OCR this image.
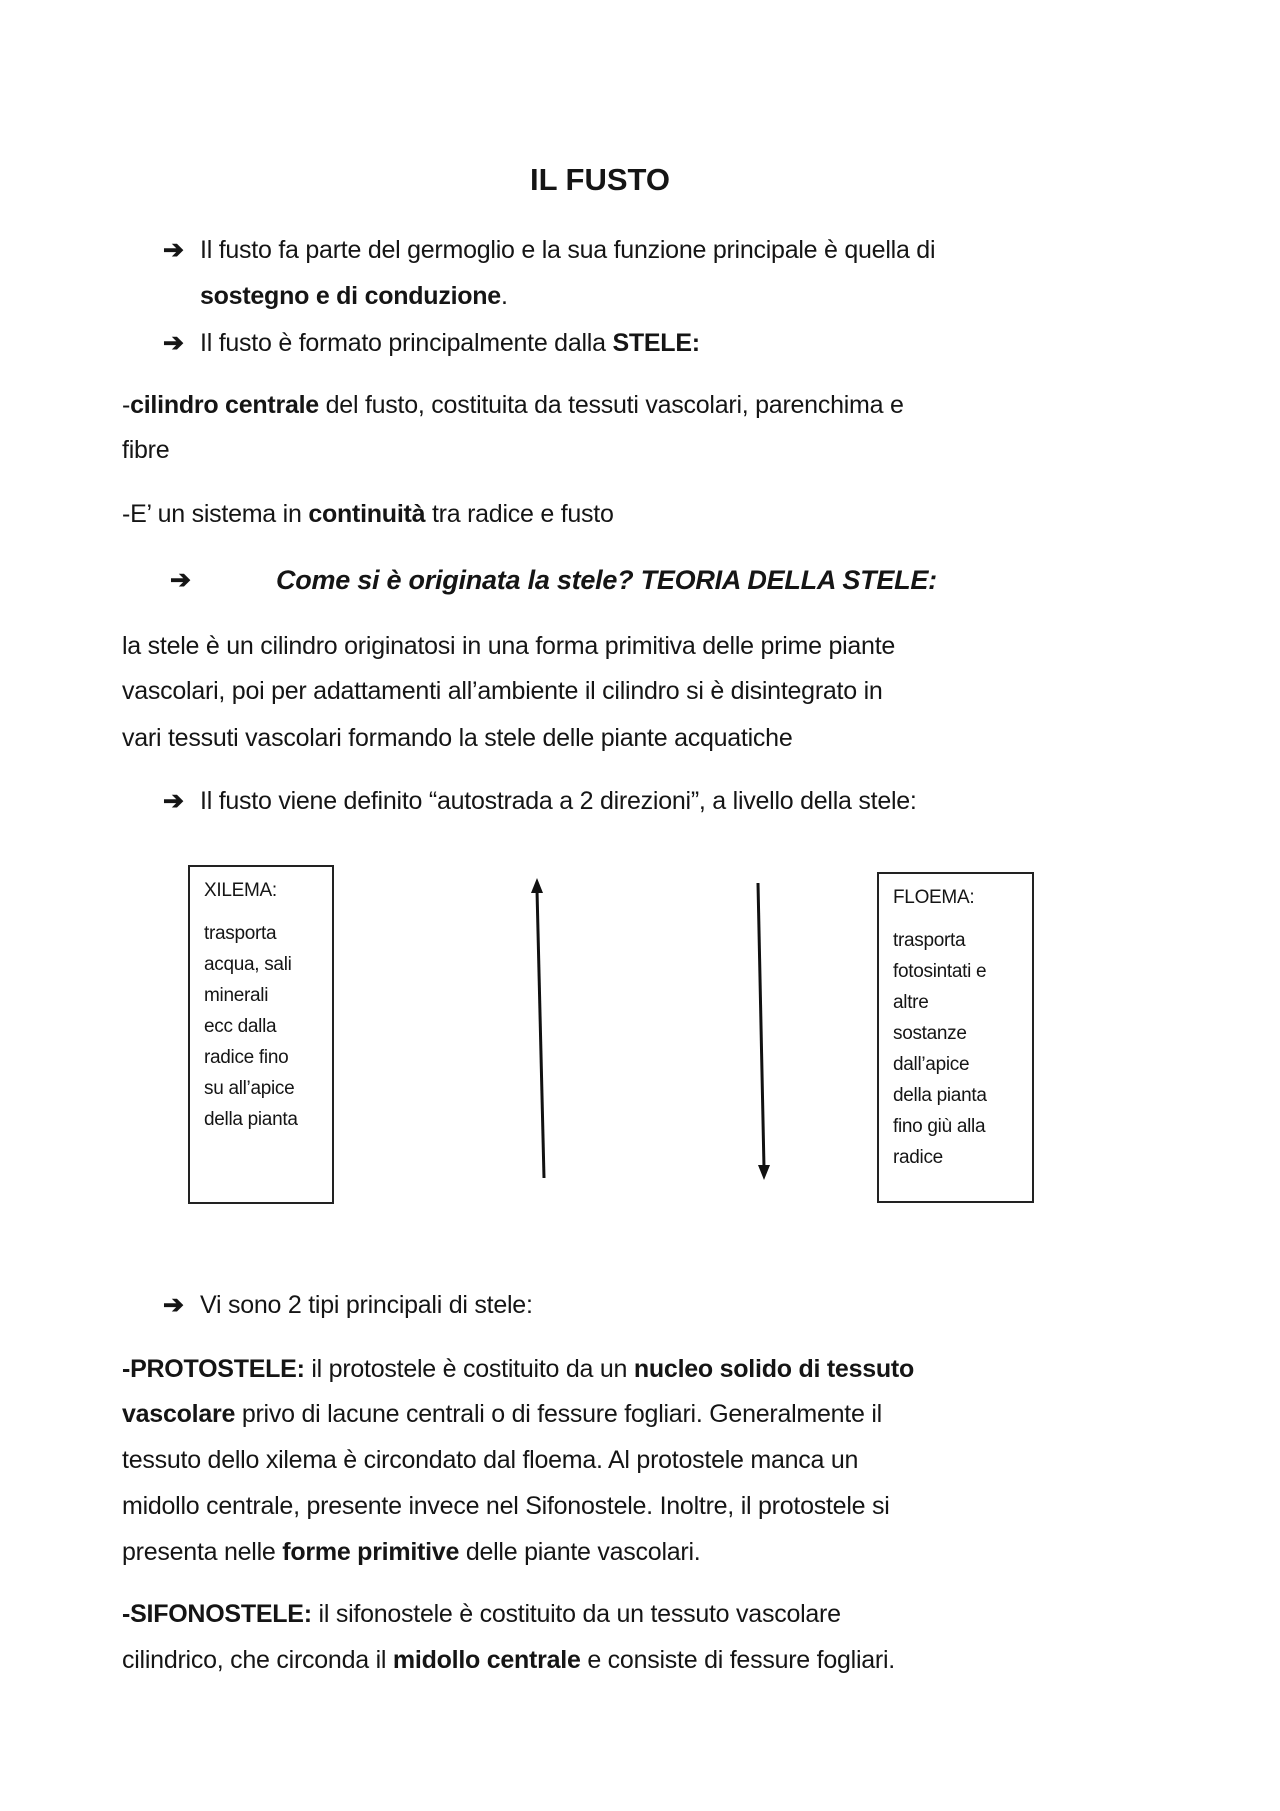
IL FUSTO
➔ Il fusto fa parte del germoglio e la sua funzione principale è quella di
sostegno e di conduzione.
➔ Il fusto è formato principalmente dalla STELE:
-cilindro centrale del fusto, costituita da tessuti vascolari, parenchima e
fibre
-E’ un sistema in continuità tra radice e fusto
➔	Come si è originata la stele? TEORIA DELLA STELE:
la stele è un cilindro originatosi in una forma primitiva delle prime piante
vascolari, poi per adattamenti all’ambiente il cilindro si è disintegrato in
vari tessuti vascolari formando la stele delle piante acquatiche
➔ Il fusto viene definito “autostrada a 2 direzioni”, a livello della stele:
XILEMA:
trasporta
acqua, sali
minerali
ecc dalla
radice fino
su all’apice
della pianta
FLOEMA:
trasporta
fotosintati e
altre
sostanze
dall’apice
della pianta
fino giù alla
radice
➔ Vi sono 2 tipi principali di stele:
-PROTOSTELE: il protostele è costituito da un nucleo solido di tessuto
vascolare privo di lacune centrali o di fessure fogliari. Generalmente il
tessuto dello xilema è circondato dal floema. Al protostele manca un
midollo centrale, presente invece nel Sifonostele. Inoltre, il protostele si
presenta nelle forme primitive delle piante vascolari.
-SIFONOSTELE: il sifonostele è costituito da un tessuto vascolare
cilindrico, che circonda il midollo centrale e consiste di fessure fogliari.
